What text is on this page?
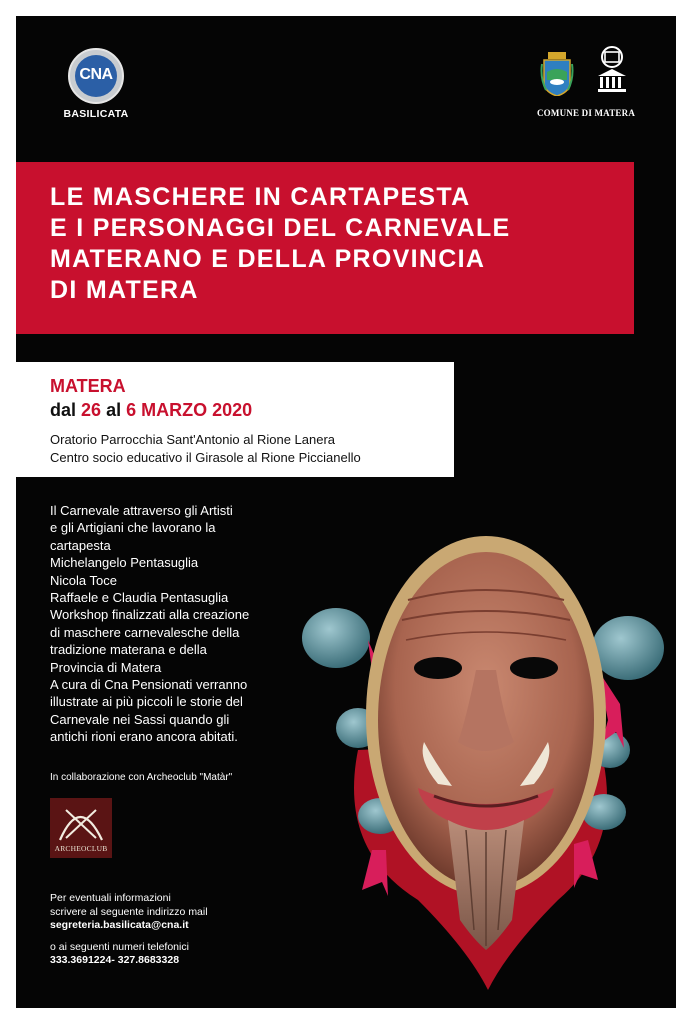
CNA
BASILICATA	COMUNE DI MATERA
LE MASCHERE IN CARTAPESTA
E I PERSONAGGI DEL CARNEVALE
MATERANO E DELLA PROVINCIA
DI MATERA
MATERA
dal 26 al 6 MARZO 2020
Oratorio Parrocchia Sant'Antonio al Rione Lanera
Centro socio educativo il Girasole al Rione Piccianello
Il Carnevale attraverso gli Artisti
e gli Artigiani che lavorano la
cartapesta
Michelangelo Pentasuglia
Nicola Toce
Raffaele e Claudia Pentasuglia
Workshop finalizzati alla creazione
di maschere carnevalesche della
tradizione materana e della
Provincia di Matera
A cura di Cna Pensionati verranno
illustrate ai più piccoli le storie del
Carnevale nei Sassi quando gli
antichi rioni erano ancora abitati.
In collaborazione con Archeoclub "Matàr"
ARCHEOCLUB
Per eventuali informazioni
scrivere al seguente indirizzo mail
segreteria.basilicata@cna.it
o ai seguenti numeri telefonici
333.3691224- 327.8683328
